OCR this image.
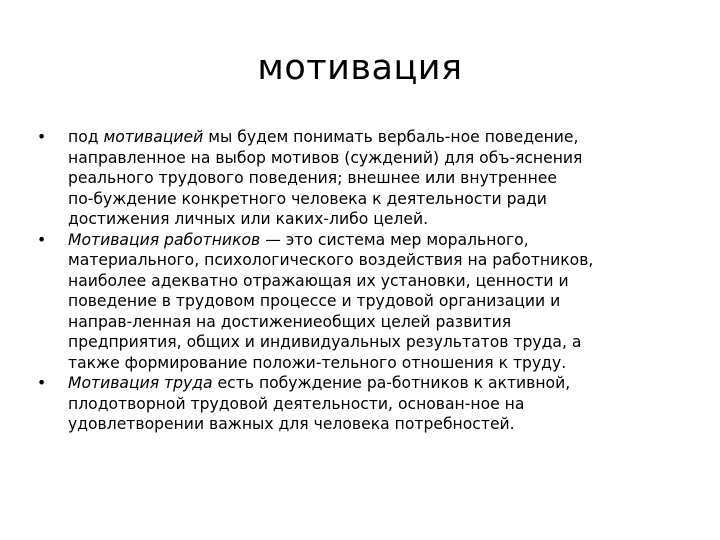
мотивация
•	под мотивацией мы будем понимать вербаль-ное поведение,
направленное на выбор мотивов (суждений) для объ-яснения
реального трудового поведения; внешнее или внутреннее
по-буждение конкретного человека к деятельности ради
достижения личных или каких-либо целей.
•	Мотивация работников — это система мер морального,
материального, психологического воздействия на работников,
наиболее адекватно отражающая их установки, ценности и
поведение в трудовом процессе и трудовой организации и
направ-ленная на достижениеобщих целей развития
предприятия, общих и индивидуальных результатов труда, а
также формирование положи-тельного отношения к труду.
•	Мотивация труда есть побуждение ра-ботников к активной,
плодотворной трудовой деятельности, основан-ное на
удовлетворении важных для человека потребностей.
